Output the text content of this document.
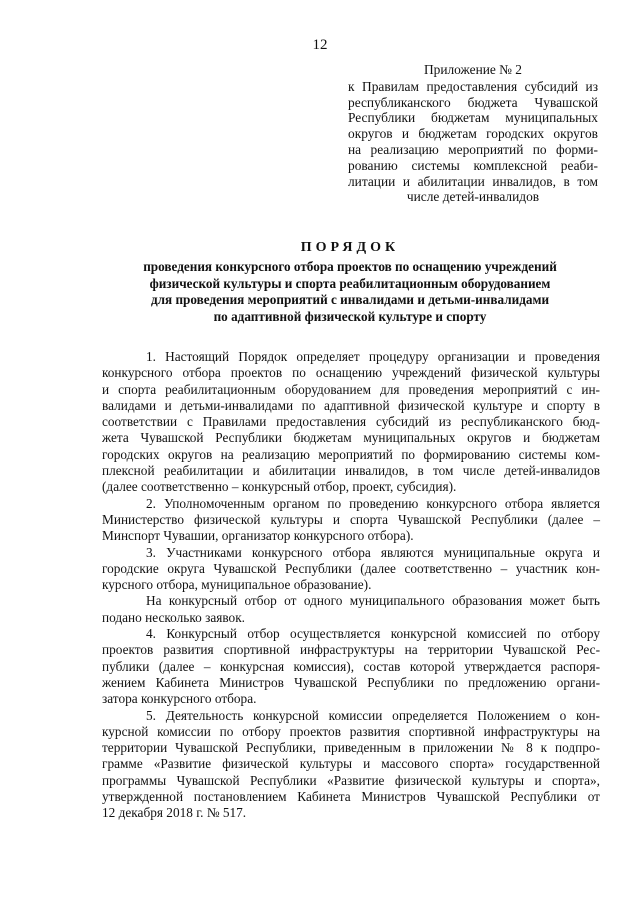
12
Приложение № 2
к Правилам предоставления субсидий из
республиканского бюджета Чувашской
Республики бюджетам муниципальных
округов и бюджетам городских округов
на реализацию мероприятий по форми-
рованию системы комплексной реаби-
литации и абилитации инвалидов, в том
числе детей-инвалидов
ПОРЯДОК
проведения конкурсного отбора проектов по оснащению учреждений
физической культуры и спорта реабилитационным оборудованием
для проведения мероприятий с инвалидами и детьми-инвалидами
по адаптивной физической культуре и спорту
1. Настоящий Порядок определяет процедуру организации и проведения
конкурсного отбора проектов по оснащению учреждений физической культуры
и спорта реабилитационным оборудованием для проведения мероприятий с ин-
валидами и детьми-инвалидами по адаптивной физической культуре и спорту в
соответствии с Правилами предоставления субсидий из республиканского бюд-
жета Чувашской Республики бюджетам муниципальных округов и бюджетам
городских округов на реализацию мероприятий по формированию системы ком-
плексной реабилитации и абилитации инвалидов, в том числе детей-инвалидов
(далее соответственно – конкурсный отбор, проект, субсидия).
2. Уполномоченным органом по проведению конкурсного отбора является
Министерство физической культуры и спорта Чувашской Республики (далее –
Минспорт Чувашии, организатор конкурсного отбора).
3. Участниками конкурсного отбора являются муниципальные округа и
городские округа Чувашской Республики (далее соответственно – участник кон-
курсного отбора, муниципальное образование).
На конкурсный отбор от одного муниципального образования может быть
подано несколько заявок.
4. Конкурсный отбор осуществляется конкурсной комиссией по отбору
проектов развития спортивной инфраструктуры на территории Чувашской Рес-
публики (далее – конкурсная комиссия), состав которой утверждается распоря-
жением Кабинета Министров Чувашской Республики по предложению органи-
затора конкурсного отбора.
5. Деятельность конкурсной комиссии определяется Положением о кон-
курсной комиссии по отбору проектов развития спортивной инфраструктуры на
территории Чувашской Республики, приведенным в приложении № 8 к подпро-
грамме «Развитие физической культуры и массового спорта» государственной
программы Чувашской Республики «Развитие физической культуры и спорта»,
утвержденной постановлением Кабинета Министров Чувашской Республики от
12 декабря 2018 г. № 517.
